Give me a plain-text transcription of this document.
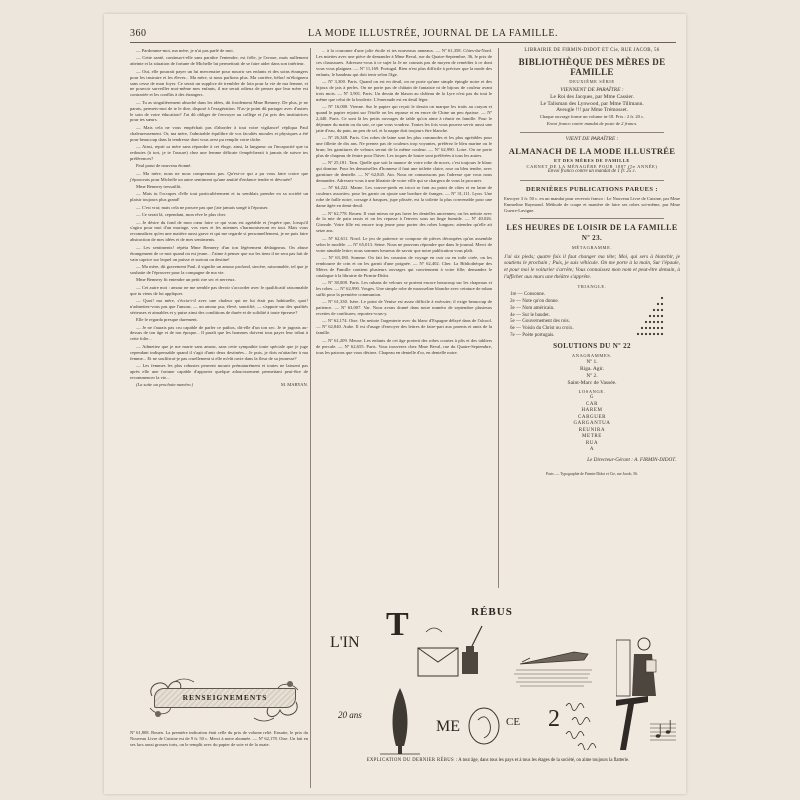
360	LA MODE ILLUSTRÉE, JOURNAL DE LA FAMILLE.

— Pardonnez-moi, ma mère, je n'ai pas parlé de moi.

— Cette santé, continua-t-elle sans paraître l'entendre, est frêle, je l'avoue, mais nullement atteinte et la situation de fortune de Michelle lui permettrait de se faire aider dans son intérieur.

— Oui, elle pourrait payer un lui mercenaire pour nourrir ses enfants et des soins étrangers pour les instruire et les élever... Ma mère, si nous parlions plus. Ma carrière, hélas! m'éloignera sans cesse de mon foyer. Ce serait un supplice de trembler de loin pour la vie de ma femme, et ne pouvoir surveiller moi-même mes enfants, il me serait odieux de penser que leur mère est contrariée et les conflits à des étrangers.

— Tu as singulièrement absorbé dans les idées, dit froidement Mme Bennery. De plus, je ne parais, permets-moi de te le dire, disposé à l'exagération. N'as-je point dû partager avec d'autres le soin de votre éducation? J'ai dû obliger de t'envoyer au collège et j'ai pris des institutrices pour tes sœurs.

— Mais cela ne vous empêchait pas d'aborder à tout votre vigilance! répliqua Paul chaleureusement. Or, ma mère, l'admirable équilibre de vos facultés morales et physiques a été pour beaucoup dans la tendresse dont vous avez pu remplir votre tâche.

— Ainsi, reprit sa mère sans répondre à cet éloge, ainsi, la langueur ou l'incapacité que tu redoutes (à tort, je te l'assure) chez une femme délicate t'empêcherait à jamais de suivre tes préférences?

Paul parut de nouveau étonné.

— Ma mère, nous ne nous comprenons pas. Qu'est-ce qui a pu vous faire croire que j'éprouvais pour Michelle un autre sentiment qu'une amitié d'enfance tendre et dévouée?

Mme Bennery tressaillit.

— Mais tu l'occupes d'elle tout particulièrement et tu semblais prendre en sa société un plaisir toujours plus grand!

— C'est vrai; mais cela ne prouve pas que j'aie jamais songé à l'épouser.

— Ce serait là, cependant, mon rêve le plus cher.

— Je désire du fond de mon cœur faire ce qui vous est agréable et j'espère que, lorsqu'il s'agira pour moi d'un mariage, vos vues et les miennes s'harmoniseront en tout. Mais vous reconnaîtrez qu'en une matière aussi grave et qui me regarde si personnellement, je ne puis faire abstraction de mes idées et de mes sentiments.

— Les sentiments! répéta Mme Bennery d'un ton légèrement dédaigneux. On abuse étrangement de ce mot quand on est jeune... J'aime à penser que sur les tiens il ne sera pas fait de vain caprice sur lequel on puisse et surtout on destine!

— Ma mère, dit gravement Paul, il signifie un amour profond, sincère, raisonnable, tel que je souhaite de l'éprouver pour la compagne de ma vie.

Mme Bennery fit entendre un petit rire sec et nerveux.

— Cet autre mot : amour ne me semble pas devoir s'accorder avec le qualificatif raisonnable que tu viens de lui appliquer.

— Quoi! ma mère, s'écria-t-il avec une chaleur qui ne lui était pas habituelle, quoi! n'admettez-vous pas que l'amour, — un amour pur, élevé, sanctifié, — s'appuie sur des qualités sérieuses et aimables et y puise ainsi des conditions de durée et de solidité à toute épreuve?

Elle le regarda presque durement.

— Je ne t'aurais pas cru capable de parler ce pathos, dit-elle d'un ton sec. Je te jugeais au-dessus de ton âge et de ton époque... Il paraît que les hommes doivent tous payer leur tribut à cette folie...

— Admettez que je me marie sans amour, sans cette sympathie toute spéciale que je juge cependant indispensable quand il s'agit d'unir deux destinées... Je puis, je dois m'attacher à ma femme... Et ne souffrirai-je pas cruellement si elle m'eût ravie dans la fleur de sa jeunesse?

— Les femmes les plus robustes peuvent mourir prématurément et toutes ne laissent pas après elle une fortune capable d'apporter quelque adoucissement permettant peut-être de recommencer la vie...

(La suite au prochain numéro.)	M. MARYAN.

RENSEIGNEMENTS
Nº 61,808. Rouen. La première indication était celle du prix de volume relié. Ensuite, le prix du Nouveau Livre de Cuisine est de 9 fr. 50 c. Merci à notre abonnée. — Nº 62,178. Oise. Un fait en ses lacs aussi grosses torts, on le remplit avec du papier de soie et de la ouate.

... à la couronne d'une jolie étoile et tes nouveaux anneaux. — Nº 61,358. Côtes-du-Nord. Les miettes avec une pièce de demander à Mme Beval, rue du Quatre-Septembre, 36, le prix de ces chaussures. Adressez-vous à ce sujet la Je ne connais pas de moyen de remédier à ce dont vous vous plaignez. — Nº 11,169. Portugal. Rien n'est plus difficile à préciser que la mode des enfants; le bandeau qui doit tenir selon l'âge.

— Nº 3,300. Paris. Quand on est en deuil, on ne porte qu'une simple épingle noire et des bijoux de jais à perles. On ne porte pas de châtain de fantaisie ni de bijoux de couleur avant trois mois. — Nº 3,901. Paris. Un dessin de blason au château de la Lyre n'est pas du tout le même que celui de la broderie. L'émeraude est en deuil léger.

— Nº 16,000. Vienne. Sur le papier qui reçoit le dessin on marque les traits au crayon et quand le papier rejoint sur l'étoffe on les repasse et en encre de Chine un peu épaisse. — Nº 2,440. Paris. Ce sont là les petits ouvrages de table qu'on aime à réunir en famille. Pour le déjeuner du matin ou du soir, ce que vous voudrez. Toutes les fois vous pouvez servir aussi une jatte d'eau, du pain, un peu de sel, et la nappe doit toujours être blanche.

— Nº 26,348. Paris. Ces robes de laine sont les plus commodes et les plus agréables pour une fillette de dix ans. Ne prenez pas de couleurs trop voyantes, préférez le bleu marine ou le brun; les garnitures de velours seront de la même couleur. — Nº 62,990. Loire. On ne porte plus de chapeau de feutre pour l'hiver. Les toques de loutre sont préférées à tous les autres.

— Nº 25,181. Tarn. Quelle que soit la nuance de votre robe de noces, c'est toujours le blanc qui domine. Pour les demoiselles d'honneur il faut une toilette claire, rose ou bleu tendre, avec garniture de dentelle. — Nº 62,845. Ain. Nous ne connaissons pas l'adresse que vous nous demandez. Adressez-vous à une librairie de votre ville qui se chargera de vous la procurer.

— Nº 64,222. Marne. Les couvre-pieds en tricot se font au point de côtes et en laine de couleurs assorties; pour les garnir on ajoute une bordure de franges. — Nº 31,111. Lyon. Une robe de faille noire, corsage à basques, jupe plissée, est la toilette la plus convenable pour une dame âgée en demi-deuil.

— Nº 62,778. Rouen. Il vaut mieux ne pas laver les dentelles anciennes; on les nettoie avec de la mie de pain rassis et on les repasse à l'envers sous un linge humide. — Nº 40,026. Gironde. Votre fille est encore trop jeune pour porter des robes longues; attendez qu'elle ait seize ans.

— Nº 62,611. Nord. Le jeu de patience se compose de pièces découpées qu'on assemble selon le modèle. — Nº 65,013. Seine. Nous ne pouvons répondre que dans le journal. Merci de votre aimable lettre; nous sommes heureux de savoir que notre publication vous plaît.

— Nº 63,180. Somme. On fait les coussins de voyage en cuir ou en toile cirée, on les rembourre de crin et on les garnit d'une poignée. — Nº 62,402. Cher. La Bibliothèque des Mères de Famille contient plusieurs ouvrages qui conviennent à votre fille; demandez le catalogue à la librairie de Firmin-Didot.

— Nº 38,008. Paris. Les rubans de velours se portent encore beaucoup sur les chapeaux et les robes. — Nº 62,990. Vosges. Une simple robe de mousseline blanche avec ceinture de ruban suffit pour la première communion.

— Nº 61,330. Isère. Le point de Venise est assez difficile à exécuter; il exige beaucoup de patience. — Nº 63,007. Var. Nous avons donné dans notre numéro de septembre plusieurs recettes de confitures; reportez-vous-y.

— Nº 62,174. Oise. On nettoie l'argenterie avec du blanc d'Espagne délayé dans de l'alcool. — Nº 62,840. Aube. Il est d'usage d'envoyer des lettres de faire-part aux parents et amis de la famille.

— Nº 61,209. Meuse. Les enfants de cet âge portent des robes courtes à plis et des tabliers de percale. — Nº 62,655. Paris. Vous trouverez chez Mme Beval, rue du Quatre-Septembre, tous les patrons que vous désirez. Chapeau en dentelle d'or, en dentelle noire.

LIBRAIRIE DE FIRMIN-DIDOT ET Cie, RUE JACOB, 56
BIBLIOTHÈQUE DES MÈRES DE FAMILLE
DEUXIÈME SÉRIE
VIENNENT DE PARAÎTRE :
Le Roi des Jacques, par Mme Cassier.
Le Talisman des Lynwood, par Mme Tillmann.
Aveugle !!! par Mme Trémosset.
Chaque ouvrage forme un volume in-18. Prix : 2 fr. 20 c.
Envoi franco contre mandat de poste de 2 francs.
VIENT DE PARAÎTRE :
ALMANACH DE LA MODE ILLUSTRÉE
ET DES MÈRES DE FAMILLE
CARNET DE LA MÉNAGÈRE POUR 1887 (5e ANNÉE)
Envoi franco contre un mandat de 1 fr. 25 c.
DERNIÈRES PUBLICATIONS PARUES :
Envoyer 3 fr. 50 c. en un mandat pour recevoir franco : Le Nouveau Livre de Cuisine, par Mme Emmeline Raymond. Méthode de coupe et manière de faire ses robes soi-même, par Mme Guerre-Lavigne.
LES HEURES DE LOISIR DE LA FAMILLE
Nº 23.
MÉTAGRAMME.
J'ai six pieds; quatre fois il faut changer ma tête; Moi, qui sers à blanchir, je soutiens le prochain ; Puis, je suis véhicule. On me porte à la main, Sur l'épaule, et pour moi le voiturier s'arrête; Vous connaissez mon nom et peut-être demain, à l'afficher aux murs une théâtre s'apprête.
TRIANGLE.
1re — Consonne.
2e — Note qu'on donne.
3e — Nom américain.
4e — Sur le baudet.
5e — Gouvernement des rois.
6e — Voisin du Christ ou croix.
7e — Poète portugais.
SOLUTIONS DU Nº 22
ANAGRAMMES.
Nº 1.
Riga. Agir.
Nº 2.
Saint-Marc de Vassée.
LOSANGE.
G
CAR
HAREM
CARGUER
GARGANTUA
REUNIRA
METRE
RUA
A
Le Directeur-Gérant : A. FIRMIN-DIDOT.
Paris. — Typographie de Firmin-Didot et Cie, rue Jacob, 56.
RÉBUS
L'IN T
20 ans
ME	CE 2
EXPLICATION DU DERNIER RÉBUS : A tout âge, dans tous les pays et à tous les étages de la société, on aime toujours la flatterie.
